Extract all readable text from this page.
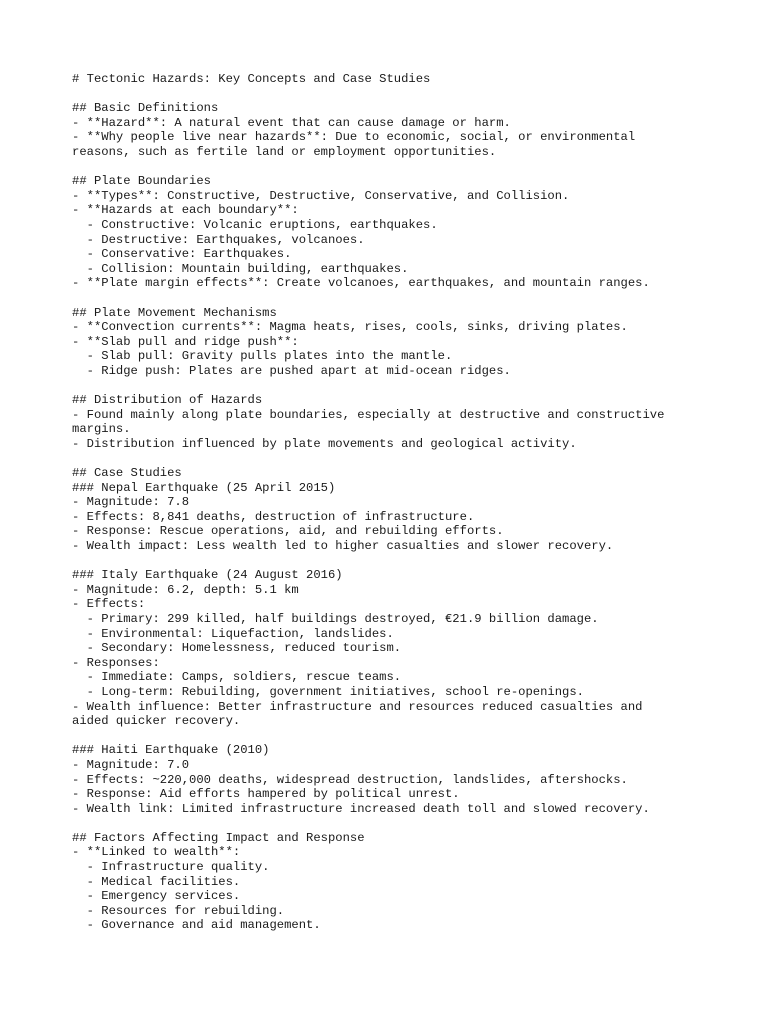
# Tectonic Hazards: Key Concepts and Case Studies
## Basic Definitions
- **Hazard**: A natural event that can cause damage or harm.
- **Why people live near hazards**: Due to economic, social, or environmental
reasons, such as fertile land or employment opportunities.
## Plate Boundaries
- **Types**: Constructive, Destructive, Conservative, and Collision.
- **Hazards at each boundary**:
- Constructive: Volcanic eruptions, earthquakes.
- Destructive: Earthquakes, volcanoes.
- Conservative: Earthquakes.
- Collision: Mountain building, earthquakes.
- **Plate margin effects**: Create volcanoes, earthquakes, and mountain ranges.
## Plate Movement Mechanisms
- **Convection currents**: Magma heats, rises, cools, sinks, driving plates.
- **Slab pull and ridge push**:
- Slab pull: Gravity pulls plates into the mantle.
- Ridge push: Plates are pushed apart at mid-ocean ridges.
## Distribution of Hazards
- Found mainly along plate boundaries, especially at destructive and constructive
margins.
- Distribution influenced by plate movements and geological activity.
## Case Studies
### Nepal Earthquake (25 April 2015)
- Magnitude: 7.8
- Effects: 8,841 deaths, destruction of infrastructure.
- Response: Rescue operations, aid, and rebuilding efforts.
- Wealth impact: Less wealth led to higher casualties and slower recovery.
### Italy Earthquake (24 August 2016)
- Magnitude: 6.2, depth: 5.1 km
- Effects:
- Primary: 299 killed, half buildings destroyed, €21.9 billion damage.
- Environmental: Liquefaction, landslides.
- Secondary: Homelessness, reduced tourism.
- Responses:
- Immediate: Camps, soldiers, rescue teams.
- Long-term: Rebuilding, government initiatives, school re-openings.
- Wealth influence: Better infrastructure and resources reduced casualties and
aided quicker recovery.
### Haiti Earthquake (2010)
- Magnitude: 7.0
- Effects: ~220,000 deaths, widespread destruction, landslides, aftershocks.
- Response: Aid efforts hampered by political unrest.
- Wealth link: Limited infrastructure increased death toll and slowed recovery.
## Factors Affecting Impact and Response
- **Linked to wealth**:
- Infrastructure quality.
- Medical facilities.
- Emergency services.
- Resources for rebuilding.
- Governance and aid management.
